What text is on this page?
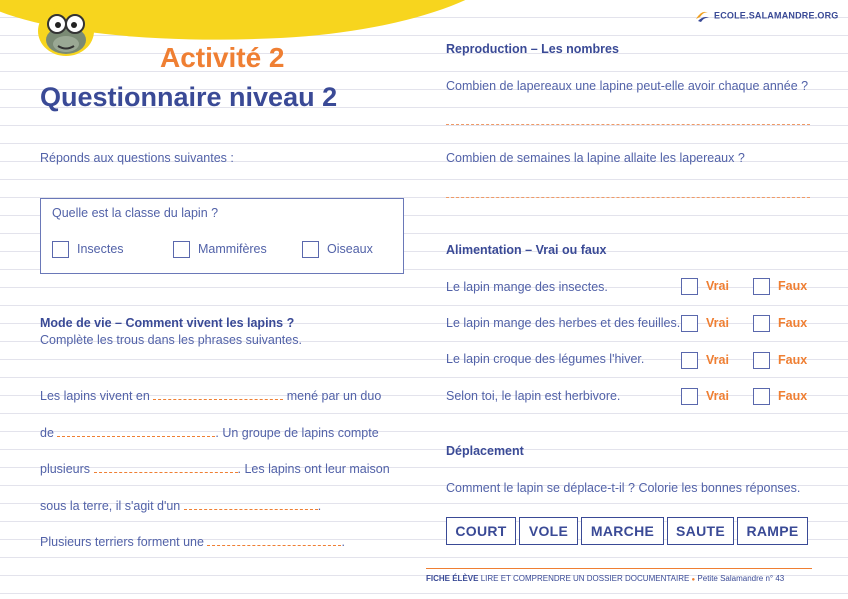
ECOLE.SALAMANDRE.ORG
Activité 2
Questionnaire niveau 2
Réponds aux questions suivantes :
Quelle est la classe du lapin ?
Insectes	Mammifères	Oiseaux
Mode de vie – Comment vivent les lapins ?
Complète les trous dans les phrases suivantes.
Les lapins vivent en	mené par un duo
de	. Un groupe de lapins compte
plusieurs	. Les lapins ont leur maison
sous la terre, il s'agit d'un	.
Plusieurs terriers forment une	.
Reproduction – Les nombres
Combien de lapereaux une lapine peut-elle avoir chaque année ?
Combien de semaines la lapine allaite les lapereaux ?
Alimentation – Vrai ou faux
Le lapin mange des insectes.	Vrai	Faux
Le lapin mange des herbes et des feuilles. Vrai	Faux
Le lapin croque des légumes l'hiver.	Vrai	Faux
Selon toi, le lapin est herbivore.	Vrai	Faux
Déplacement
Comment le lapin se déplace-t-il ? Colorie les bonnes réponses.
COURT	VOLE	MARCHE	SAUTE	RAMPE
FICHE ÉLÈVE LIRE ET COMPRENDRE UN DOSSIER DOCUMENTAIRE ● Petite Salamandre n° 43
